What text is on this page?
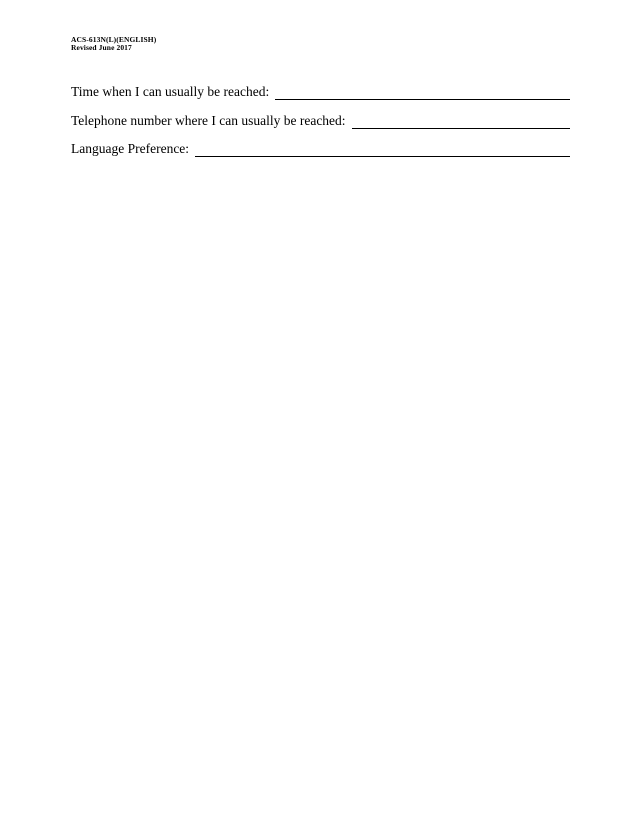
ACS-613N(L)(ENGLISH)
Revised June 2017
Time when I can usually be reached:
Telephone number where I can usually be reached:
Language Preference:
